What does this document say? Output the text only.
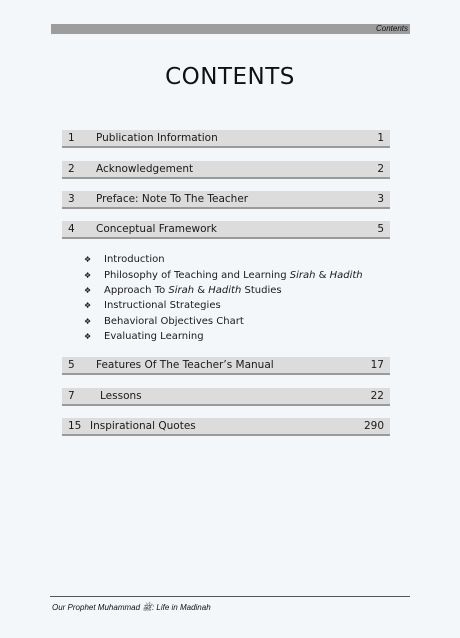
Contents
CONTENTS
1 Publication Information	1
2 Acknowledgement	2
3 Preface: Note To The Teacher	3
4 Conceptual Framework	5
❖ Introduction
❖ Philosophy of Teaching and Learning Sirah & Hadith
❖ Approach To Sirah & Hadith Studies
❖ Instructional Strategies
❖ Behavioral Objectives Chart
❖ Evaluating Learning
5 Features Of The Teacher’s Manual	17
7 Lessons	22
15 Inspirational Quotes	290
Our Prophet Muhammad ﷺ: Life in Madinah
